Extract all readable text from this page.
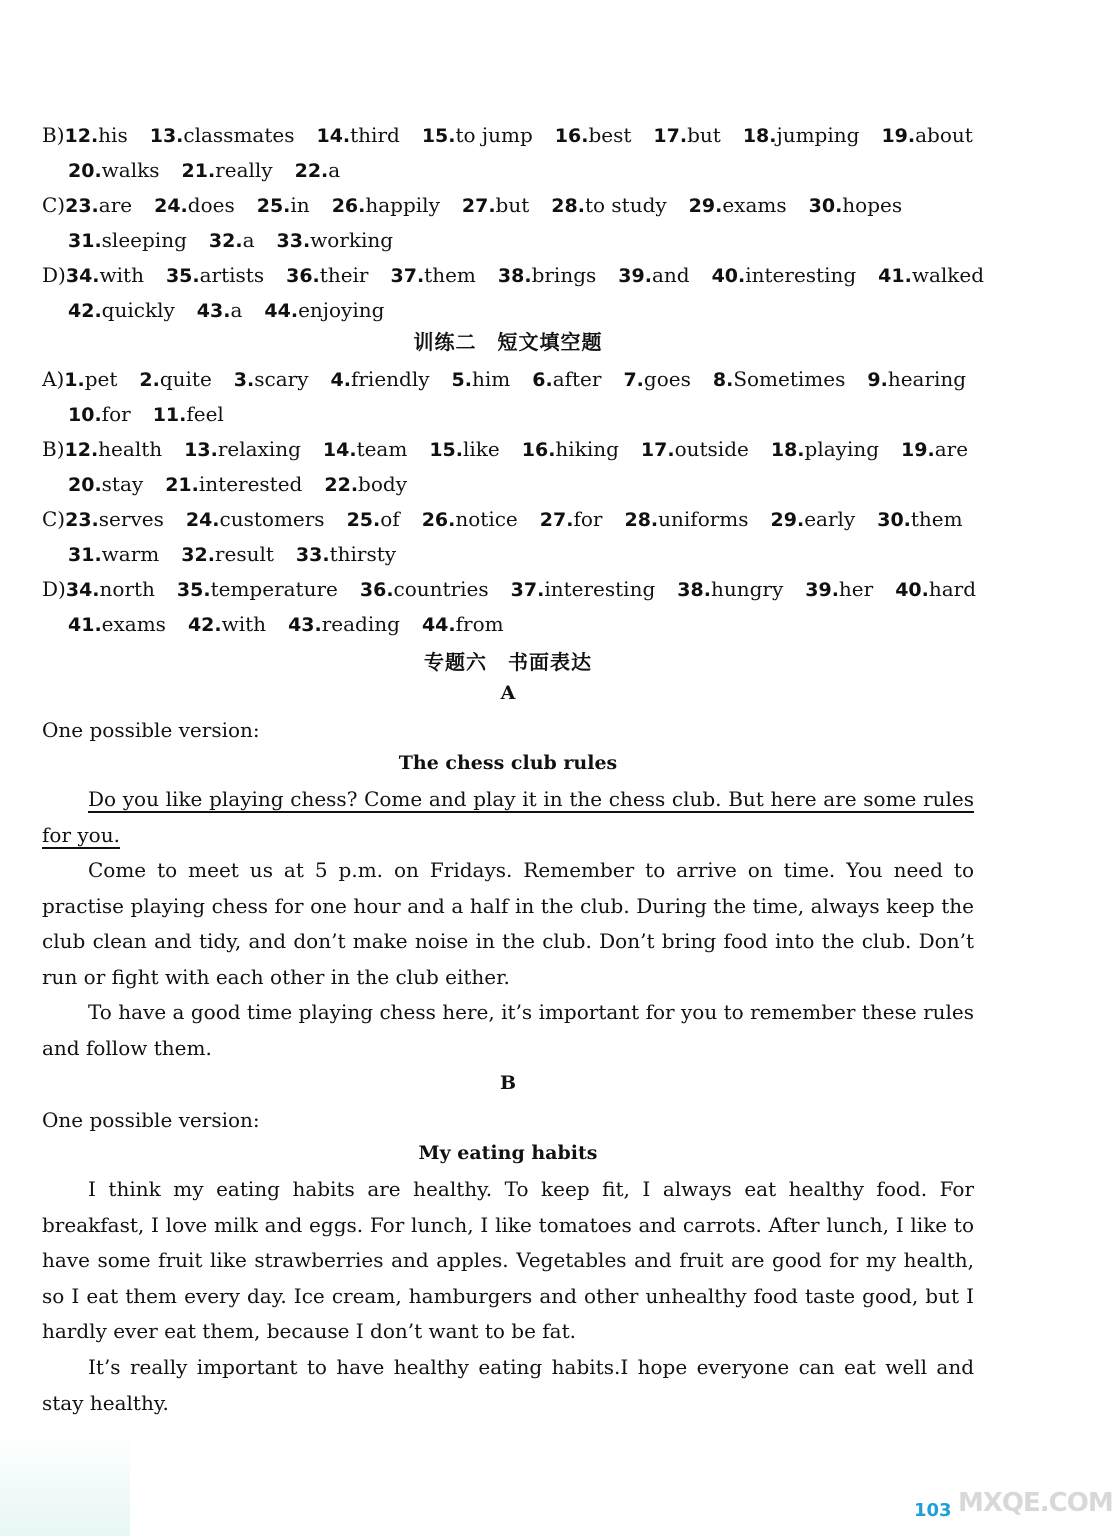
B)12.his 13.classmates 14.third 15.to jump 16.best 17.but 18.jumping 19.about
20.walks 21.really 22.a
C)23.are 24.does 25.in 26.happily 27.but 28.to study 29.exams 30.hopes
31.sleeping 32.a 33.working
D)34.with 35.artists 36.their 37.them 38.brings 39.and 40.interesting 41.walked
42.quickly 43.a 44.enjoying
训练二　短文填空题
A)1.pet 2.quite 3.scary 4.friendly 5.him 6.after 7.goes 8.Sometimes 9.hearing
10.for 11.feel
B)12.health 13.relaxing 14.team 15.like 16.hiking 17.outside 18.playing 19.are
20.stay 21.interested 22.body
C)23.serves 24.customers 25.of 26.notice 27.for 28.uniforms 29.early 30.them
31.warm 32.result 33.thirsty
D)34.north 35.temperature 36.countries 37.interesting 38.hungry 39.her 40.hard
41.exams 42.with 43.reading 44.from
专题六　书面表达
A
One possible version:
The chess club rules
Do you like playing chess? Come and play it in the chess club. But here are some rules for you.
Come to meet us at 5 p.m. on Fridays. Remember to arrive on time. You need to practise playing chess for one hour and a half in the club. During the time, always keep the club clean and tidy, and don’t make noise in the club. Don’t bring food into the club. Don’t run or fight with each other in the club either.
To have a good time playing chess here, it’s important for you to remember these rules and follow them.
B
One possible version:
My eating habits
I think my eating habits are healthy. To keep fit, I always eat healthy food. For breakfast, I love milk and eggs. For lunch, I like tomatoes and carrots. After lunch, I like to have some fruit like strawberries and apples. Vegetables and fruit are good for my health, so I eat them every day. Ice cream, hamburgers and other unhealthy food taste good, but I hardly ever eat them, because I don’t want to be fat.
It’s really important to have healthy eating habits.I hope everyone can eat well and stay healthy.
103 MXQE.COM
